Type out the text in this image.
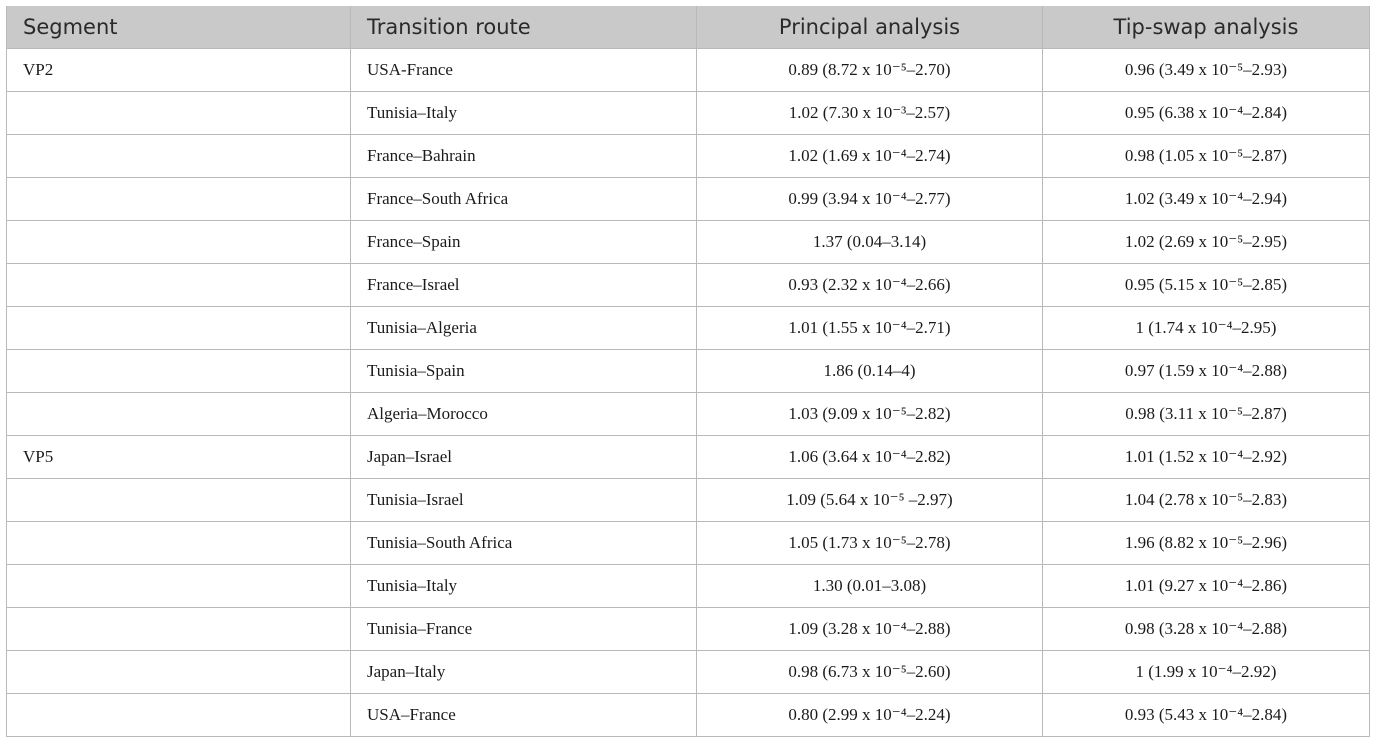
Segment	Transition route	Principal analysis	Tip-swap analysis
VP2	USA-France	0.89 (8.72 x 10⁻⁵–2.70)	0.96 (3.49 x 10⁻⁵–2.93)
	Tunisia–Italy	1.02 (7.30 x 10⁻³–2.57)	0.95 (6.38 x 10⁻⁴–2.84)
	France–Bahrain	1.02 (1.69 x 10⁻⁴–2.74)	0.98 (1.05 x 10⁻⁵–2.87)
	France–South Africa	0.99 (3.94 x 10⁻⁴–2.77)	1.02 (3.49 x 10⁻⁴–2.94)
	France–Spain	1.37 (0.04–3.14)	1.02 (2.69 x 10⁻⁵–2.95)
	France–Israel	0.93 (2.32 x 10⁻⁴–2.66)	0.95 (5.15 x 10⁻⁵–2.85)
	Tunisia–Algeria	1.01 (1.55 x 10⁻⁴–2.71)	1 (1.74 x 10⁻⁴–2.95)
	Tunisia–Spain	1.86 (0.14–4)	0.97 (1.59 x 10⁻⁴–2.88)
	Algeria–Morocco	1.03 (9.09 x 10⁻⁵–2.82)	0.98 (3.11 x 10⁻⁵–2.87)
VP5	Japan–Israel	1.06 (3.64 x 10⁻⁴–2.82)	1.01 (1.52 x 10⁻⁴–2.92)
	Tunisia–Israel	1.09 (5.64 x 10⁻⁵ –2.97)	1.04 (2.78 x 10⁻⁵–2.83)
	Tunisia–South Africa	1.05 (1.73 x 10⁻⁵–2.78)	1.96 (8.82 x 10⁻⁵–2.96)
	Tunisia–Italy	1.30 (0.01–3.08)	1.01 (9.27 x 10⁻⁴–2.86)
	Tunisia–France	1.09 (3.28 x 10⁻⁴–2.88)	0.98 (3.28 x 10⁻⁴–2.88)
	Japan–Italy	0.98 (6.73 x 10⁻⁵–2.60)	1 (1.99 x 10⁻⁴–2.92)
	USA–France	0.80 (2.99 x 10⁻⁴–2.24)	0.93 (5.43 x 10⁻⁴–2.84)
